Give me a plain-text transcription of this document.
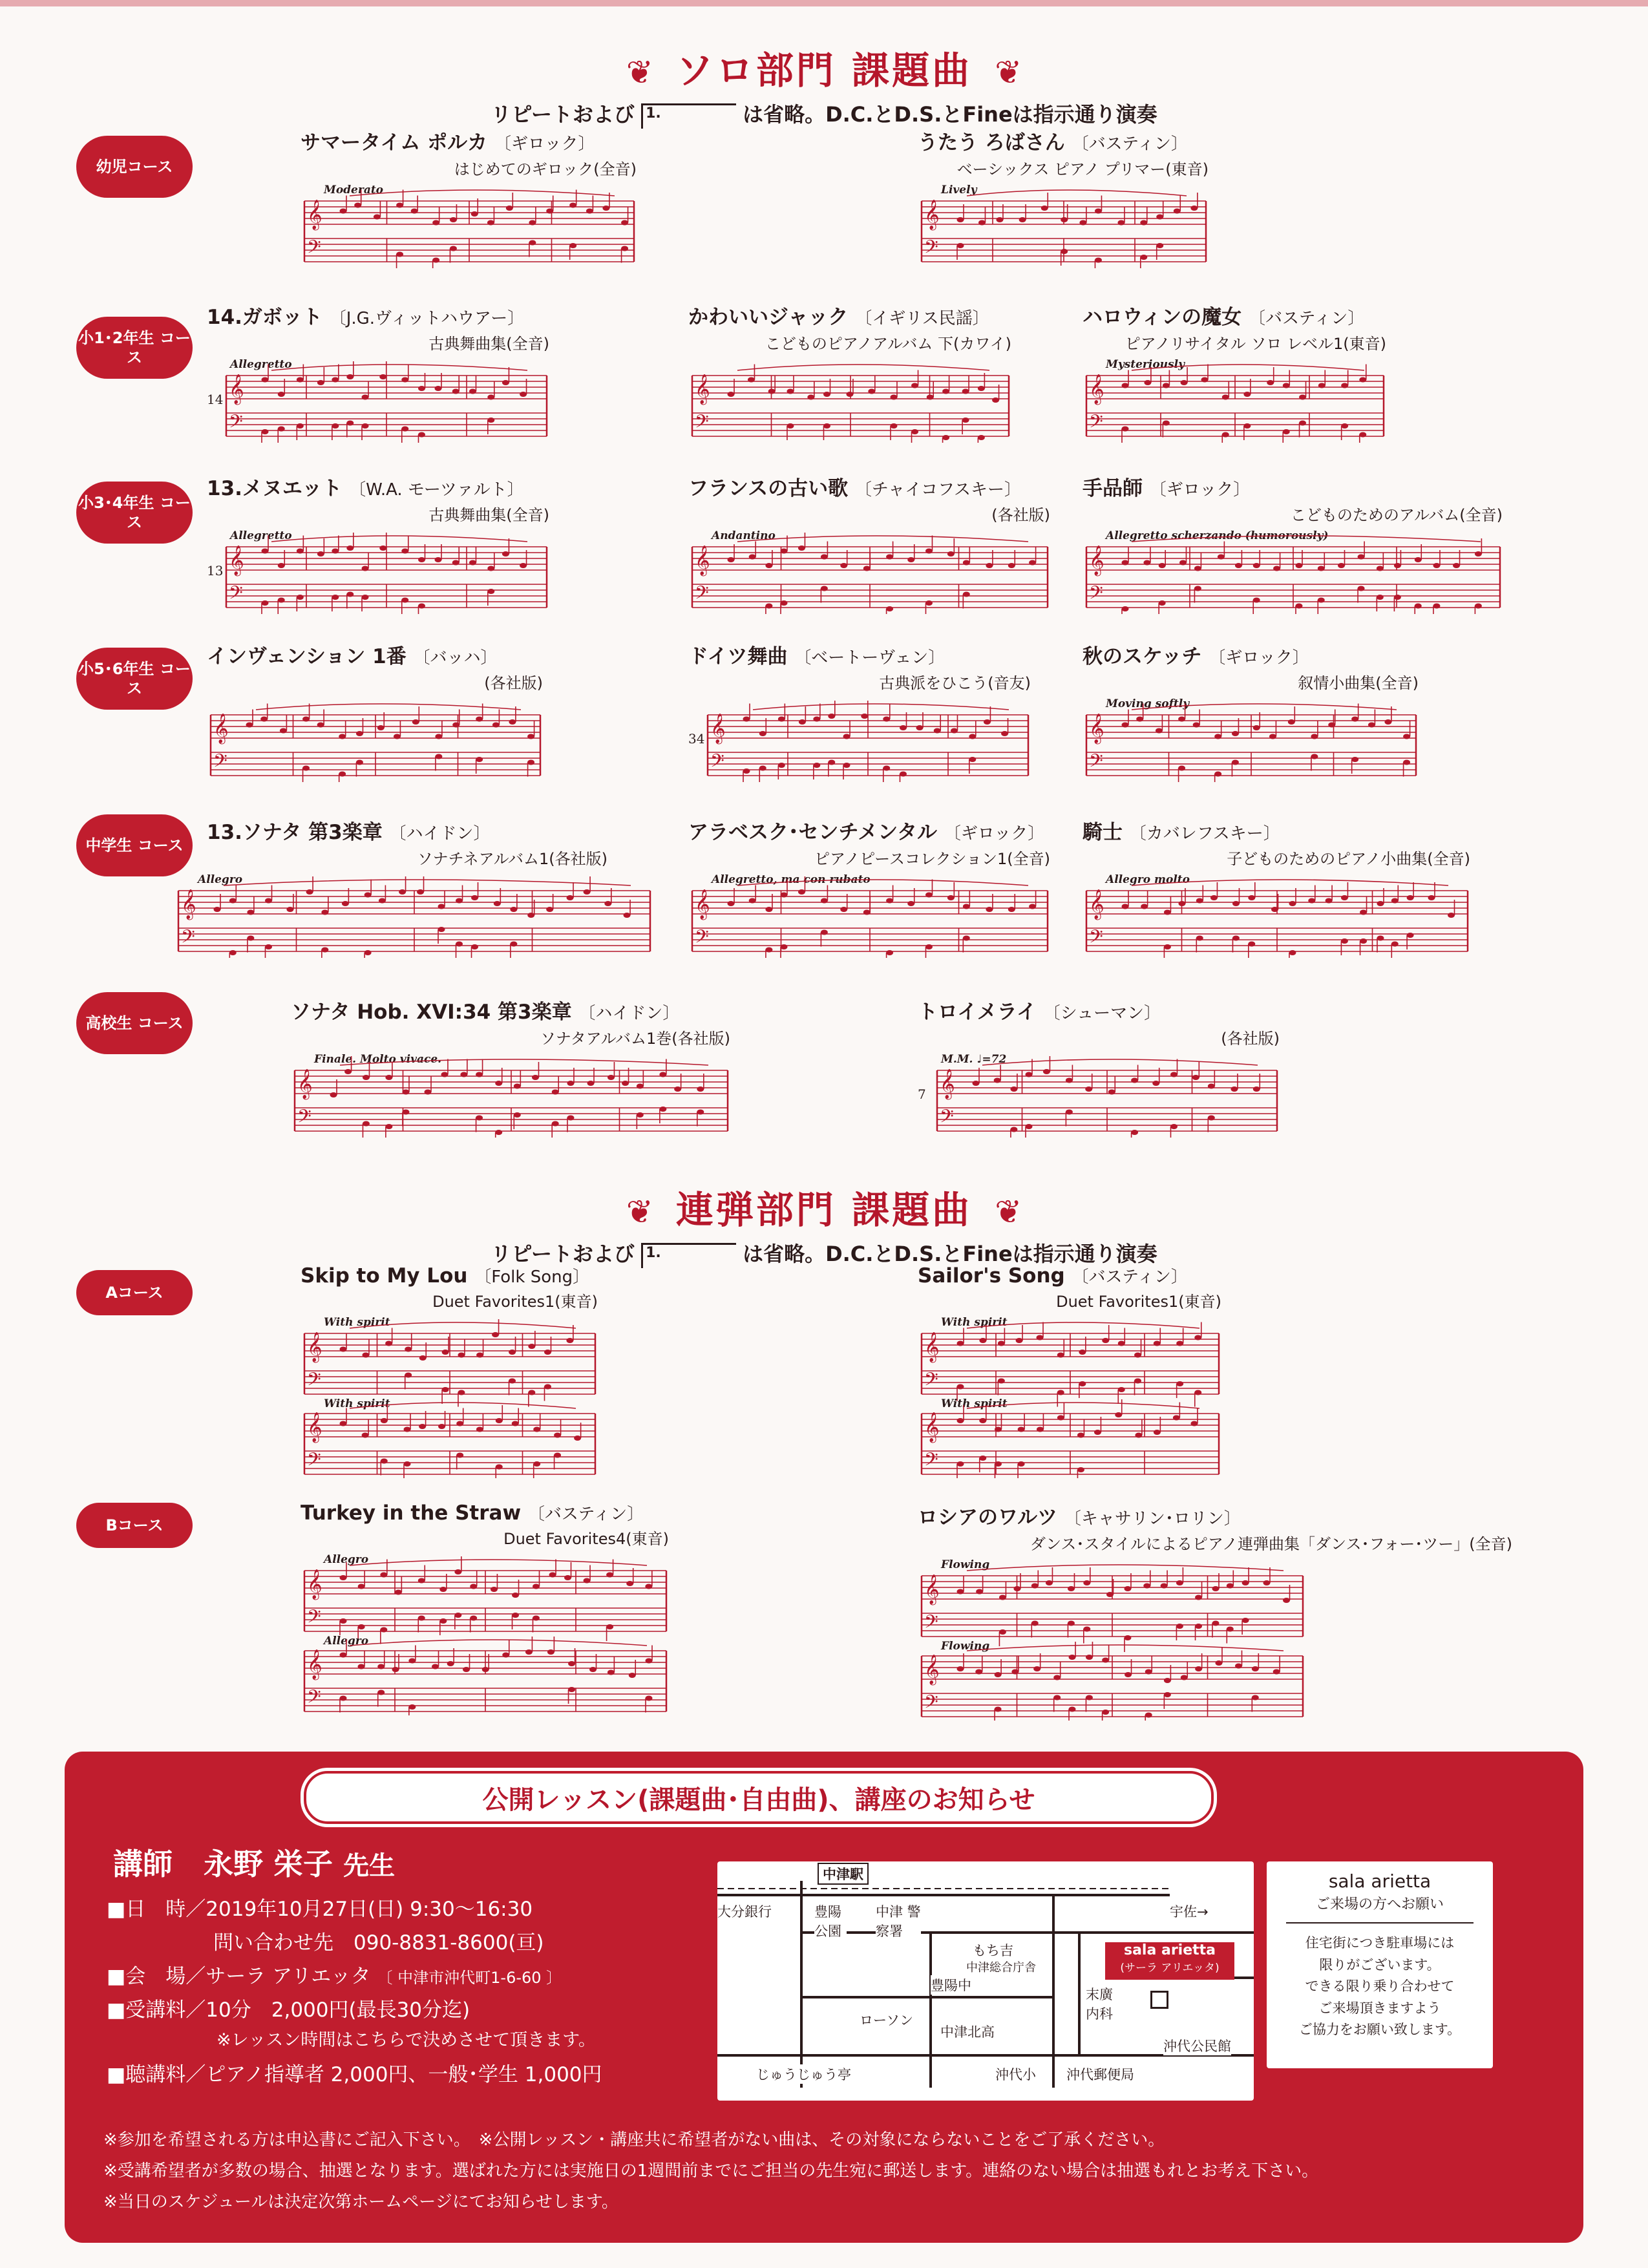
❦ ソロ部門 課題曲 ❦
リピートおよび 1.	は省略。D.C.とD.S.とFineは指示通り演奏
幼児コース
小1･2年生 コース
小3･4年生 コース
小5･6年生 コース
中学生 コース
高校生 コース
サマータイム ポルカ 〔ギロック〕
はじめてのギロック(全音)
Moderato
𝄞
𝄢
うたう ろばさん 〔バスティン〕
ベーシックス ピアノ プリマー(東音)
Lively
𝄞
𝄢
14.ガボット 〔J.G.ヴィットハウアー〕
古典舞曲集(全音)
Allegretto
14 𝄞
𝄢
かわいいジャック 〔イギリス民謡〕
こどものピアノアルバム 下(カワイ)
𝄞
𝄢
ハロウィンの魔女 〔バスティン〕
ピアノリサイタル ソロ レベル1(東音)
Mysteriously
𝄞
𝄢
13.メヌエット 〔W.A. モーツァルト〕
古典舞曲集(全音)
Allegretto
13 𝄞
𝄢
フランスの古い歌 〔チャイコフスキー〕
(各社版)
Andantino
𝄞
𝄢
手品師 〔ギロック〕
こどものためのアルバム(全音)
Allegretto scherzando (humorously)
𝄞
𝄢
インヴェンション 1番 〔バッハ〕
(各社版)
𝄞
𝄢
ドイツ舞曲 〔ベートーヴェン〕
古典派をひこう(音友)
34 𝄞
𝄢
秋のスケッチ 〔ギロック〕
叙情小曲集(全音)
Moving softly
𝄞
𝄢
13.ソナタ 第3楽章 〔ハイドン〕
ソナチネアルバム1(各社版)
Allegro
𝄞
𝄢
アラベスク･センチメンタル 〔ギロック〕
ピアノピースコレクション1(全音)
Allegretto, ma con rubato
𝄞
𝄢
騎士 〔カバレフスキー〕
子どものためのピアノ小曲集(全音)
Allegro molto
𝄞
𝄢
ソナタ Hob. XVI:34 第3楽章 〔ハイドン〕
ソナタアルバム1巻(各社版)
Finale. Molto vivace.
𝄞
𝄢
トロイメライ 〔シューマン〕
(各社版)
M.M. ♩=72
7 𝄞
𝄢
❦ 連弾部門 課題曲 ❦
リピートおよび 1.	は省略。D.C.とD.S.とFineは指示通り演奏
Aコース
Bコース
Skip to My Lou 〔Folk Song〕
Duet Favorites1(東音)
With spirit
𝄞
𝄢
With spirit
𝄞
𝄢
Sailor's Song 〔バスティン〕
Duet Favorites1(東音)
With spirit
𝄞
𝄢
With spirit
𝄞
𝄢
Turkey in the Straw 〔バスティン〕
Duet Favorites4(東音)
Allegro
𝄞
𝄢
Allegro
𝄞
𝄢
ロシアのワルツ 〔キャサリン･ロリン〕
ダンス･スタイルによるピアノ連弾曲集「ダンス･フォー･ツー」(全音)
Flowing
𝄞
𝄢
Flowing
𝄞
𝄢
公開レッスン(課題曲･自由曲)、講座のお知らせ
講師 永野 栄子 先生
■日　時／2019年10月27日(日) 9:30～16:30
問い合わせ先　090-8831-8600(亘)
■会　場／サーラ アリエッタ 〔 中津市沖代町1-6-60 〕
■受講料／10分　2,000円(最長30分迄)
※レッスン時間はこちらで決めさせて頂きます。
■聴講料／ピアノ指導者 2,000円、一般･学生 1,000円
中津駅
大分銀行	宇佐→
豊陽 公園
中津 警察署
もち吉
中津総合庁舎
豊陽中
末廣 内科
ローソン
中津北高
じゅうじゅう亭	沖代小 沖代郵便局
沖代公民館
sala arietta
(サーラ アリエッタ)
sala arietta
ご来場の方へお願い
住宅街につき駐車場には
限りがございます。
できる限り乗り合わせて
ご来場頂きますよう
ご協力をお願い致します。
※参加を希望される方は申込書にご記入下さい。　※公開レッスン・講座共に希望者がない曲は、その対象にならないことをご了承ください。
※受講希望者が多数の場合、抽選となります。選ばれた方には実施日の1週間前までにご担当の先生宛に郵送します。連絡のない場合は抽選もれとお考え下さい。
※当日のスケジュールは決定次第ホームページにてお知らせします。
